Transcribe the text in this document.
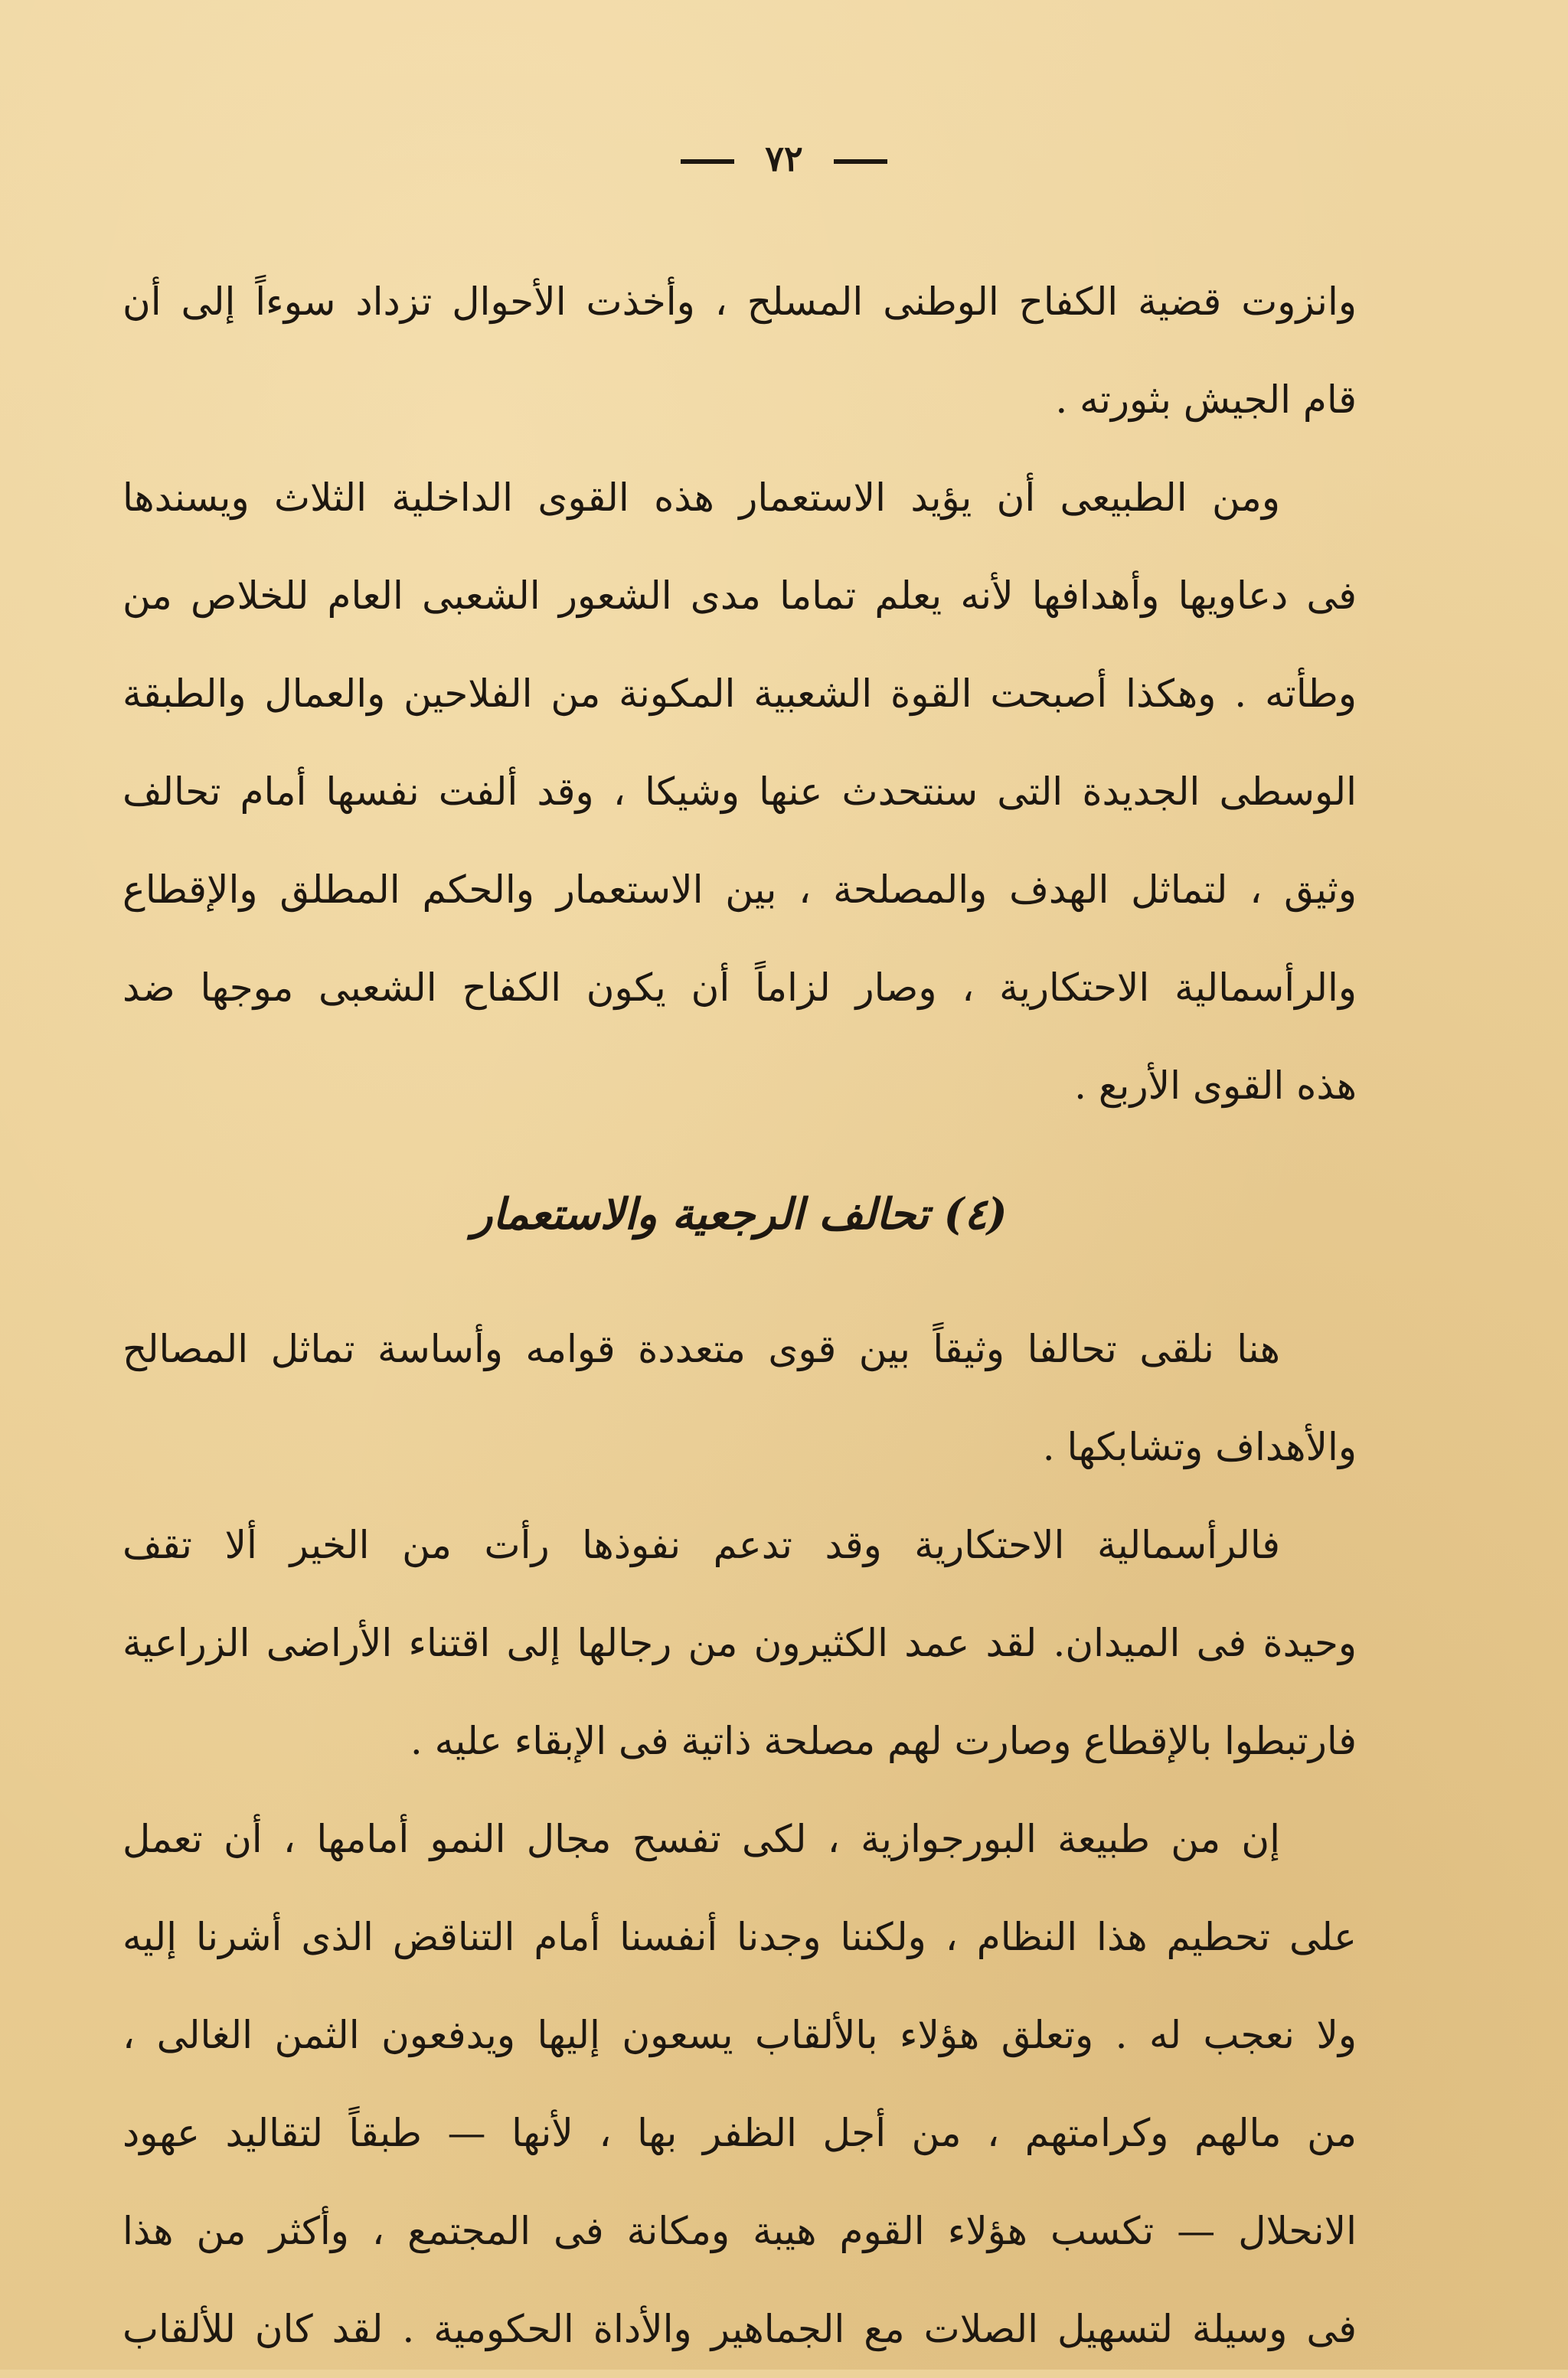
٧٢
وانزوت قضية الكفاح الوطنى المسلح ، وأخذت الأحوال تزداد سوءاً إلى أن
قام الجيش بثورته .
ومن الطبيعى أن يؤيد الاستعمار هذه القوى الداخلية الثلاث ويسندها
فى دعاويها وأهدافها لأنه يعلم تماما مدى الشعور الشعبى العام للخلاص من
وطأته . وهكذا أصبحت القوة الشعبية المكونة من الفلاحين والعمال والطبقة
الوسطى الجديدة التى سنتحدث عنها وشيكا ، وقد ألفت نفسها أمام تحالف
وثيق ، لتماثل الهدف والمصلحة ، بين الاستعمار والحكم المطلق والإقطاع
والرأسمالية الاحتكارية ، وصار لزاماً أن يكون الكفاح الشعبى موجها ضد
هذه القوى الأربع .
(٤) تحالف الرجعية والاستعمار
هنا نلقى تحالفا وثيقاً بين قوى متعددة قوامه وأساسة تماثل المصالح
والأهداف وتشابكها .
فالرأسمالية الاحتكارية وقد تدعم نفوذها رأت من الخير ألا تقف
وحيدة فى الميدان. لقد عمد الكثيرون من رجالها إلى اقتناء الأراضى الزراعية
فارتبطوا بالإقطاع وصارت لهم مصلحة ذاتية فى الإبقاء عليه .
إن من طبيعة البورجوازية ، لكى تفسح مجال النمو أمامها ، أن تعمل
على تحطيم هذا النظام ، ولكننا وجدنا أنفسنا أمام التناقض الذى أشرنا إليه
ولا نعجب له . وتعلق هؤلاء بالألقاب يسعون إليها ويدفعون الثمن الغالى ،
من مالهم وكرامتهم ، من أجل الظفر بها ، لأنها — طبقاً لتقاليد عهود
الانحلال — تكسب هؤلاء القوم هيبة ومكانة فى المجتمع ، وأكثر من هذا
فى وسيلة لتسهيل الصلات مع الجماهير والأداة الحكومية . لقد كان للألقاب
